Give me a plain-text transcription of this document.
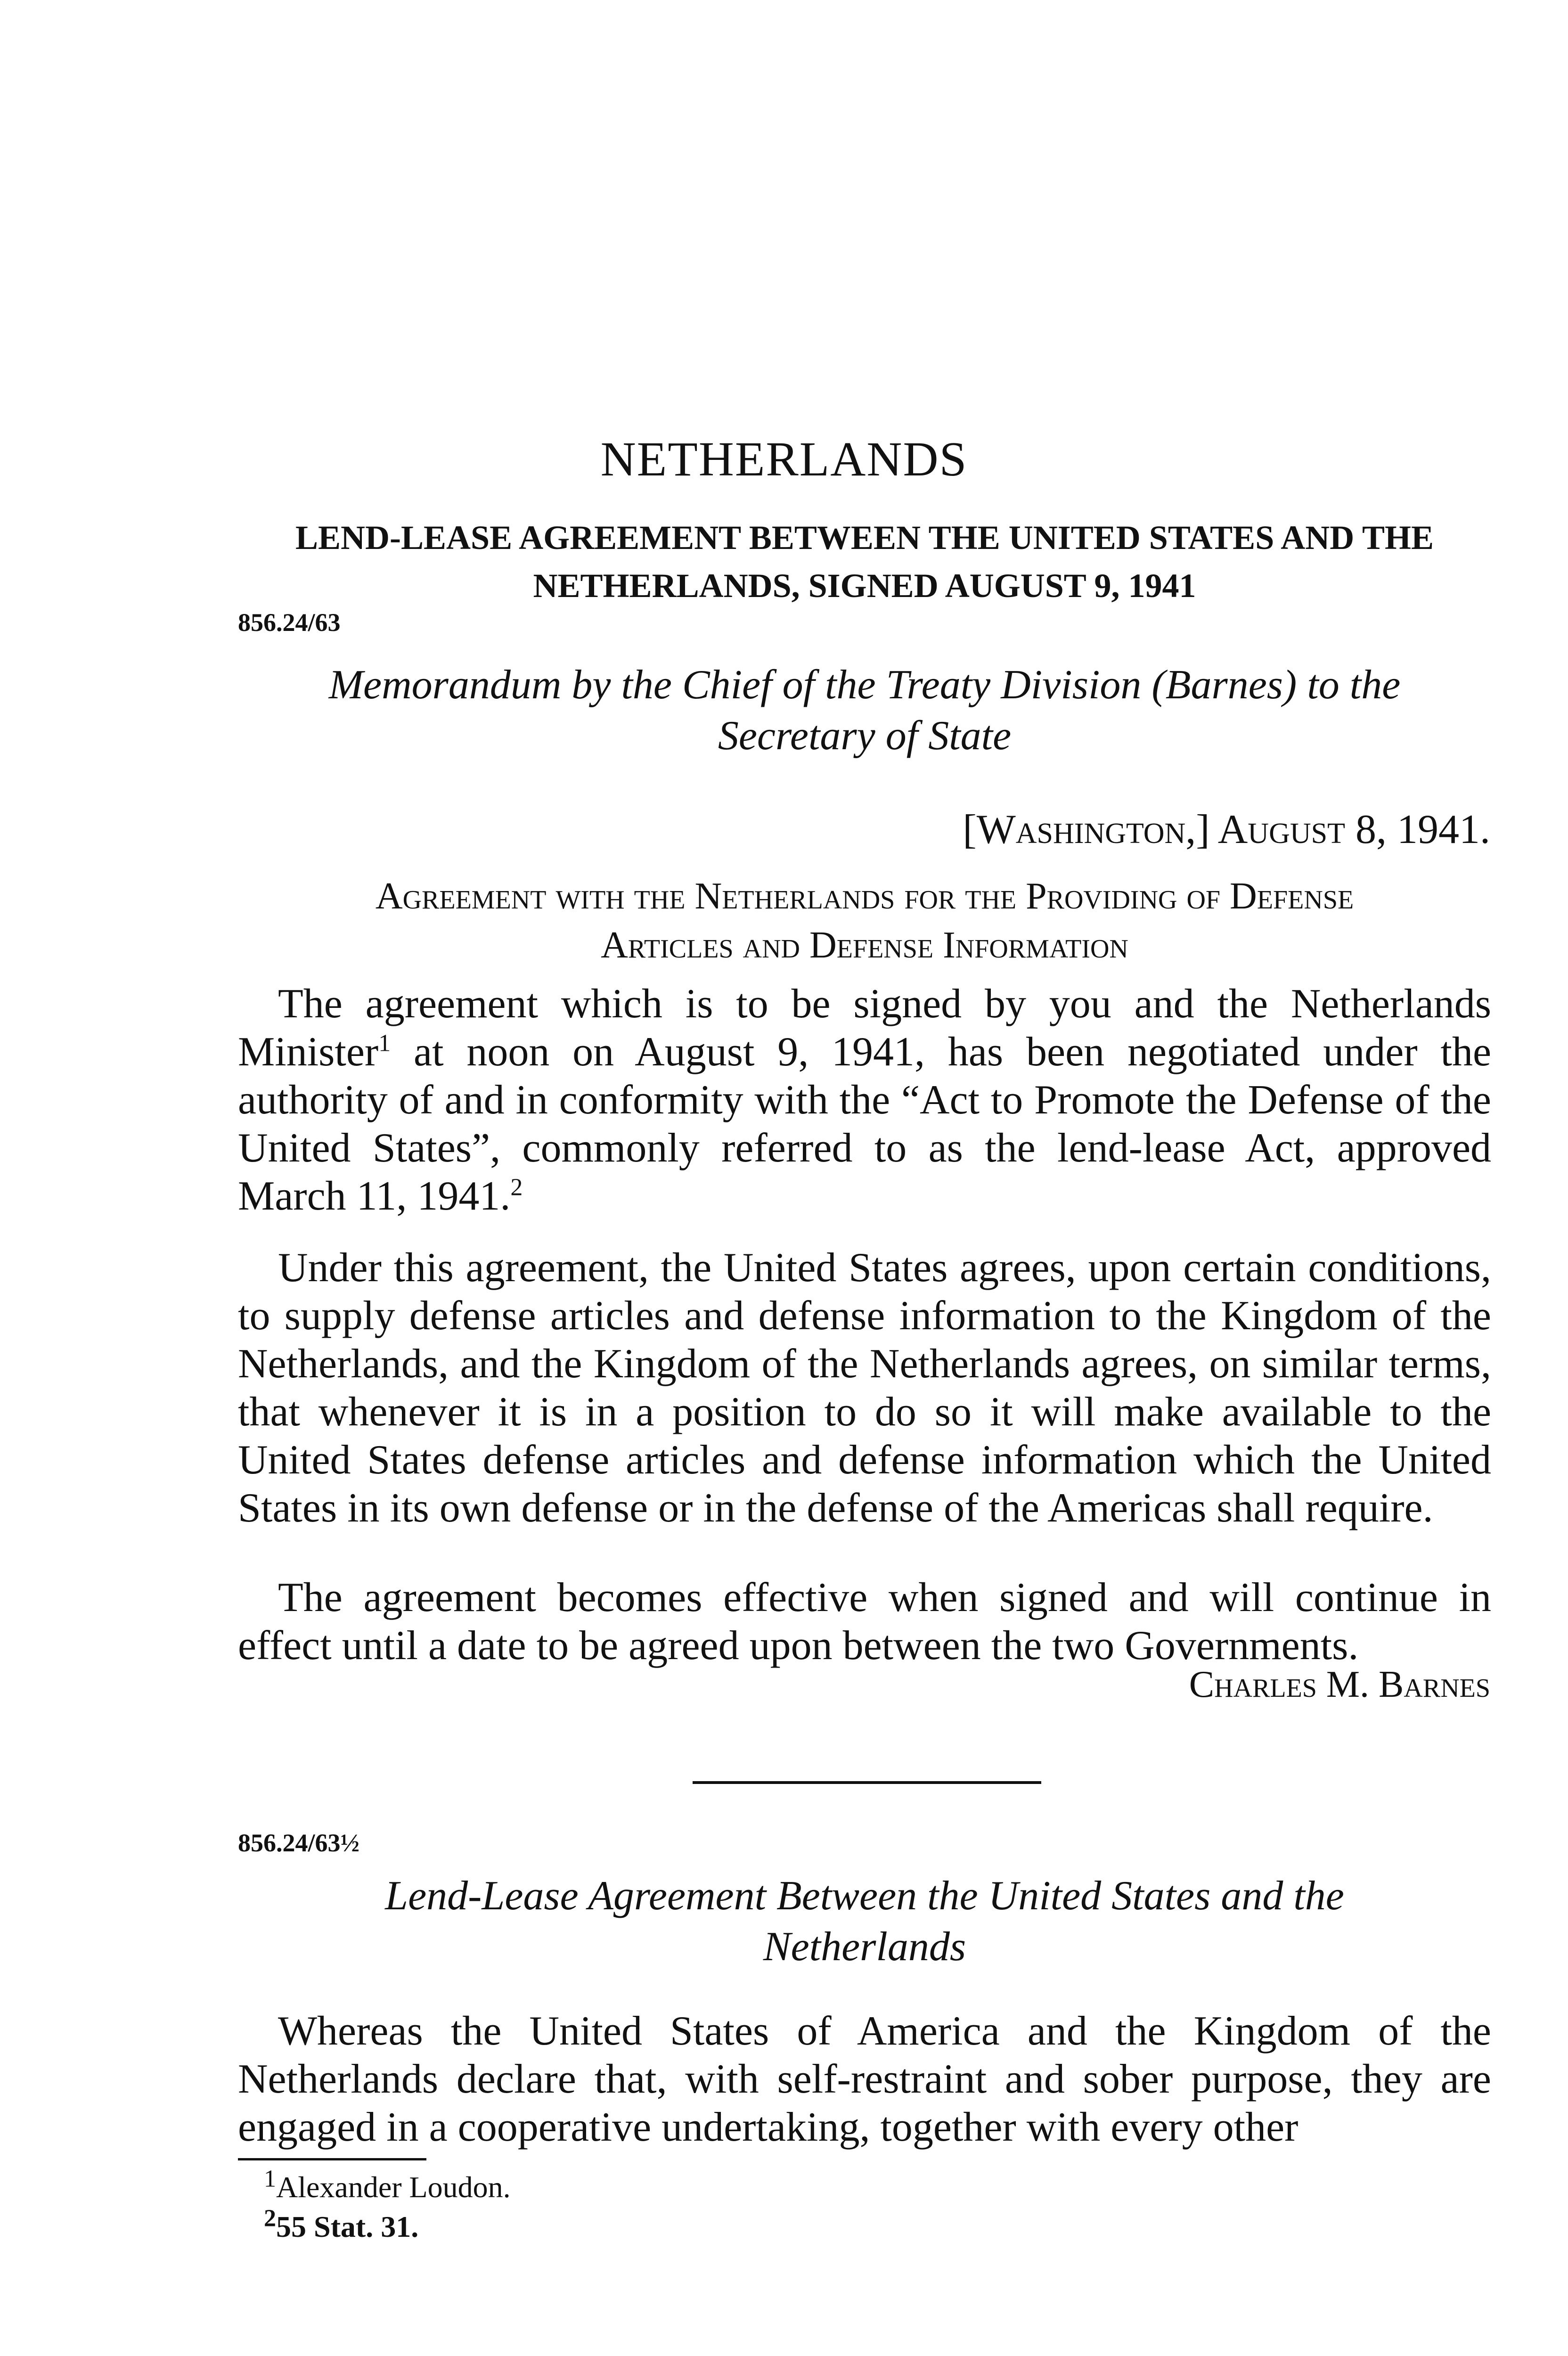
NETHERLANDS
LEND-LEASE AGREEMENT BETWEEN THE UNITED STATES AND THE
NETHERLANDS, SIGNED AUGUST 9, 1941
856.24/63
Memorandum by the Chief of the Treaty Division (Barnes) to the
Secretary of State
[Washington,] August 8, 1941.
Agreement with the Netherlands for the Providing of Defense
Articles and Defense Information

The agreement which is to be signed by you and the Netherlands Minister$^1$ at noon on August 9, 1941, has been negotiated under the authority of and in conformity with the “Act to Promote the Defense of the United States”, commonly referred to as the lend-lease Act, approved March 11, 1941.$^2$

Under this agreement, the United States agrees, upon certain conditions, to supply defense articles and defense information to the Kingdom of the Netherlands, and the Kingdom of the Netherlands agrees, on similar terms, that whenever it is in a position to do so it will make available to the United States defense articles and defense information which the United States in its own defense or in the defense of the Americas shall require.

The agreement becomes effective when signed and will continue in effect until a date to be agreed upon between the two Governments.

Charles M. Barnes
856.24/63½
Lend-Lease Agreement Between the United States and the
Netherlands

Whereas the United States of America and the Kingdom of the Netherlands declare that, with self-restraint and sober purpose, they are engaged in a cooperative undertaking, together with every other

$^1$Alexander Loudon.
$^2$55 Stat. 31.
